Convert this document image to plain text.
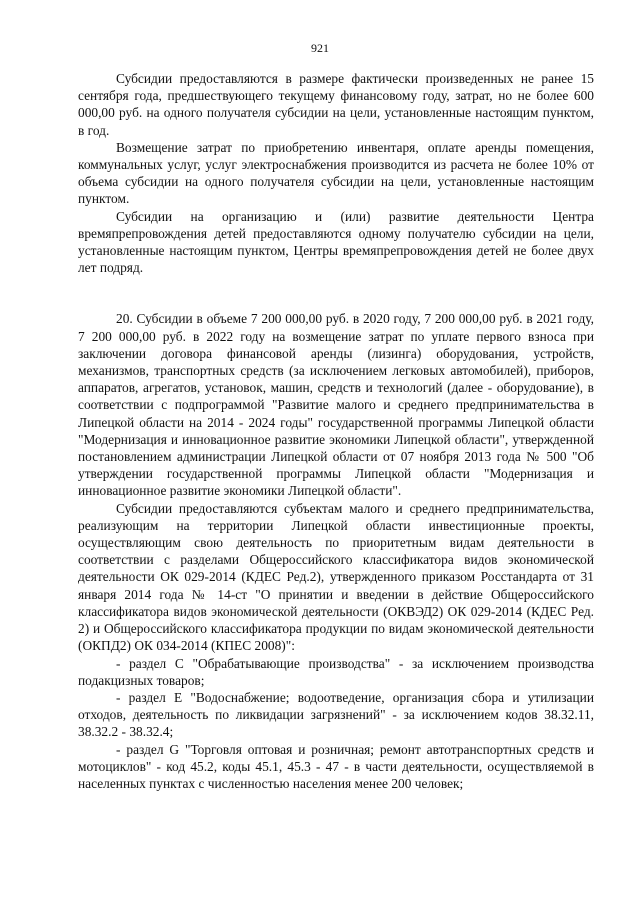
921

Субсидии предоставляются в размере фактически произведенных не ранее 15 сентября года, предшествующего текущему финансовому году, затрат, но не более 600 000,00 руб. на одного получателя субсидии на цели, установленные настоящим пунктом, в год.

Возмещение затрат по приобретению инвентаря, оплате аренды помещения, коммунальных услуг, услуг электроснабжения производится из расчета не более 10% от объема субсидии на одного получателя субсидии на цели, установленные настоящим пунктом.

Субсидии на организацию и (или) развитие деятельности Центра времяпрепровождения детей предоставляются одному получателю субсидии на цели, установленные настоящим пунктом, Центры времяпрепровождения детей не более двух лет подряд.

20. Субсидии в объеме 7 200 000,00 руб. в 2020 году, 7 200 000,00 руб. в 2021 году, 7 200 000,00 руб. в 2022 году на возмещение затрат по уплате первого взноса при заключении договора финансовой аренды (лизинга) оборудования, устройств, механизмов, транспортных средств (за исключением легковых автомобилей), приборов, аппаратов, агрегатов, установок, машин, средств и технологий (далее - оборудование), в соответствии с подпрограммой "Развитие малого и среднего предпринимательства в Липецкой области на 2014 - 2024 годы" государственной программы Липецкой области "Модернизация и инновационное развитие экономики Липецкой области", утвержденной постановлением администрации Липецкой области от 07 ноября 2013 года № 500 "Об утверждении государственной программы Липецкой области "Модернизация и инновационное развитие экономики Липецкой области".

Субсидии предоставляются субъектам малого и среднего предпринимательства, реализующим на территории Липецкой области инвестиционные проекты, осуществляющим свою деятельность по приоритетным видам деятельности в соответствии с разделами Общероссийского классификатора видов экономической деятельности ОК 029-2014 (КДЕС Ред.2), утвержденного приказом Росстандарта от 31 января 2014 года № 14-ст "О принятии и введении в действие Общероссийского классификатора видов экономической деятельности (ОКВЭД2) ОК 029-2014 (КДЕС Ред. 2) и Общероссийского классификатора продукции по видам экономической деятельности (ОКПД2) ОК 034-2014 (КПЕС 2008)":

- раздел C "Обрабатывающие производства" - за исключением производства подакцизных товаров;

- раздел E "Водоснабжение; водоотведение, организация сбора и утилизации отходов, деятельность по ликвидации загрязнений" - за исключением кодов 38.32.11, 38.32.2 - 38.32.4;

- раздел G "Торговля оптовая и розничная; ремонт автотранспортных средств и мотоциклов" - код 45.2, коды 45.1, 45.3 - 47 - в части деятельности, осуществляемой в населенных пунктах с численностью населения менее 200 человек;
